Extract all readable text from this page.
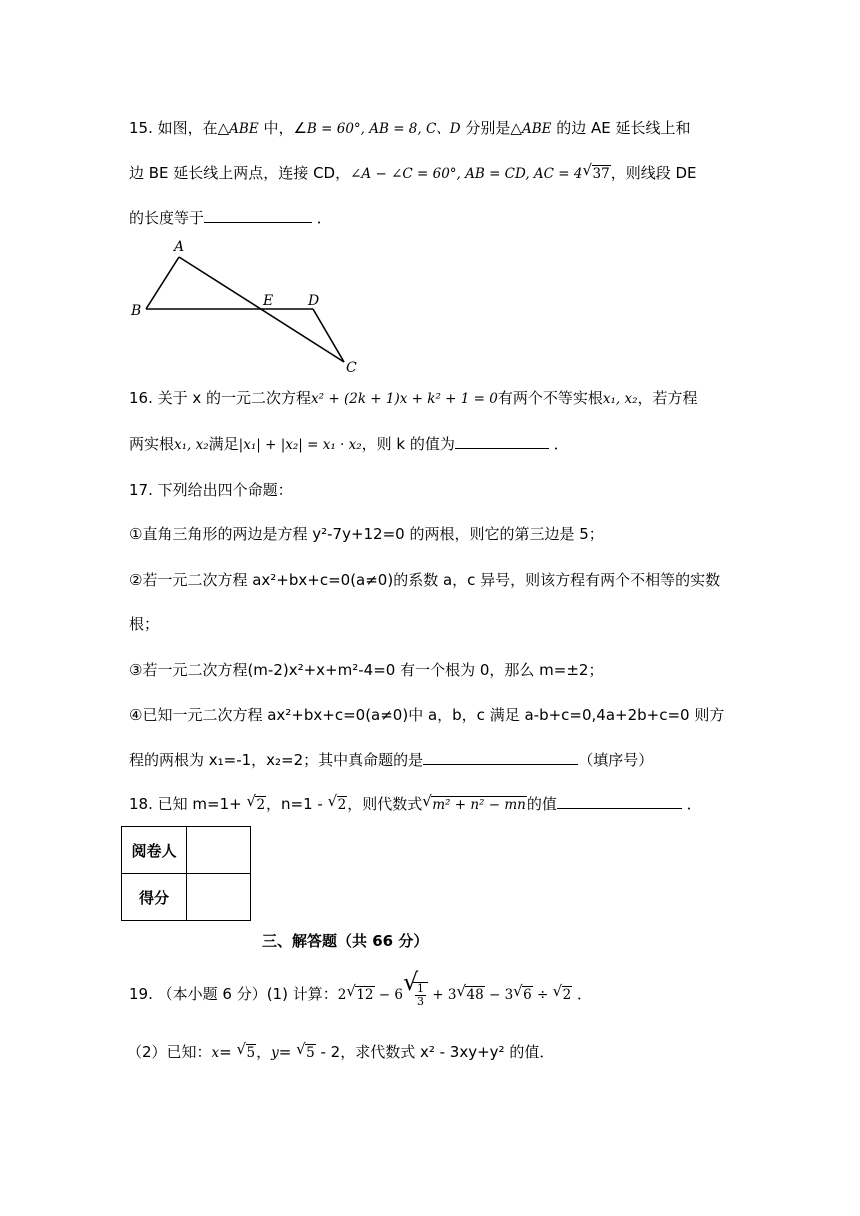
15. 如图，在△ABE 中，∠B = 60°, AB = 8, C、D 分别是△ABE 的边 AE 延长线上和
边 BE 延长线上两点，连接 CD，∠A − ∠C = 60°, AB = CD, AC = 4 √ 37，则线段 DE
的长度等于	．
A
B
E D
C
16. 关于 x 的一元二次方程x² + (2k + 1)x + k² + 1 = 0有两个不等实根x₁, x₂，若方程
两实根x₁, x₂满足|x₁| + |x₂| = x₁ · x₂，则 k 的值为	．
17. 下列给出四个命题：
①直角三角形的两边是方程 y²-7y+12=0 的两根，则它的第三边是 5；
②若一元二次方程 ax²+bx+c=0(a≠0)的系数 a，c 异号，则该方程有两个不相等的实数
根；
③若一元二次方程(m-2)x²+x+m²-4=0 有一个根为 0，那么 m=±2；
④已知一元二次方程 ax²+bx+c=0(a≠0)中 a，b，c 满足 a-b+c=0,4a+2b+c=0 则方
程的两根为 x₁=-1，x₂=2；其中真命题的是	（填序号）
18. 已知 m=1+ √ 2，n=1 - √ 2，则代数式 √ m² + n² − mn的值	．
阅卷人	
得分	
三、解答题（共 66 分）
19. （本小题 6 分）(1) 计算：2 √ 12 − 6 √
$\frac{1}{3} + 3$ √ 48 − 3 √ 6 ÷ √ 2 ．
（2）已知：x= √ 5，y= √ 5 - 2，求代数式 x² - 3xy+y² 的值．
